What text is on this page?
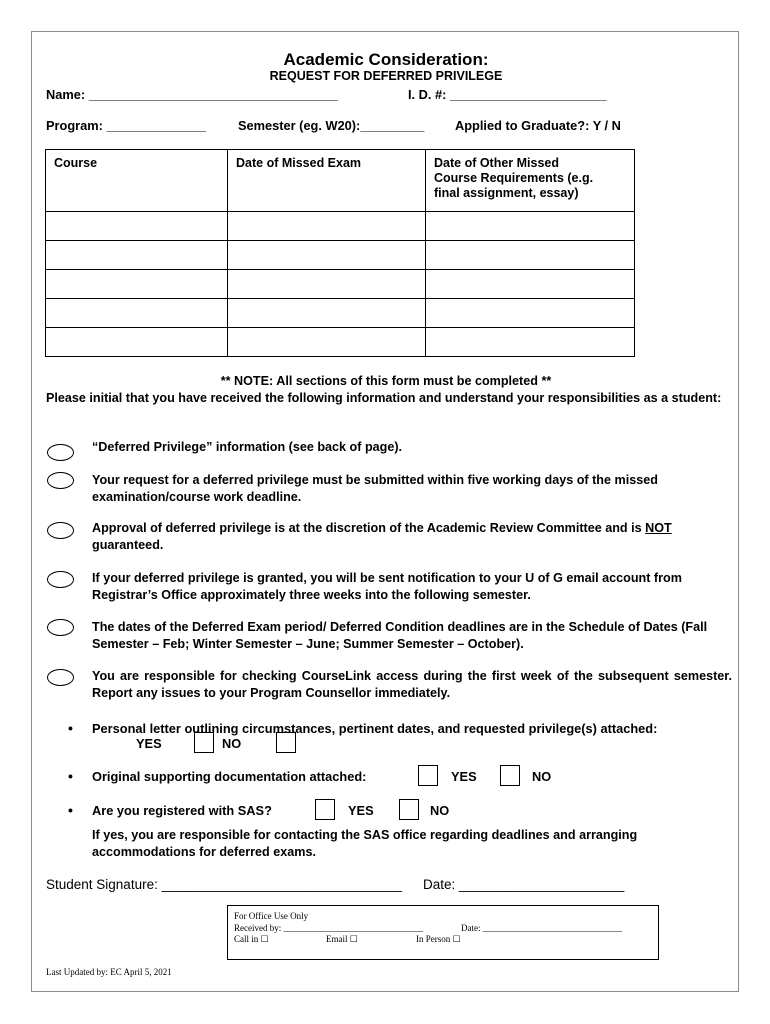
Academic Consideration:
REQUEST FOR DEFERRED PRIVILEGE
Name: ___________________________________	I. D. #: ______________________
Program: ______________ Semester (eg. W20):_________ Applied to Graduate?: Y / N
Course	Date of Missed Exam	Date of Other Missed Course Requirements (e.g. final assignment, essay)

** NOTE: All sections of this form must be completed **
Please initial that you have received the following information and understand your responsibilities as a student:
“Deferred Privilege” information (see back of page).
Your request for a deferred privilege must be submitted within five working days of the missed examination/course work deadline.
Approval of deferred privilege is at the discretion of the Academic Review Committee and is NOT guaranteed.
If your deferred privilege is granted, you will be sent notification to your U of G email account from Registrar’s Office approximately three weeks into the following semester.
The dates of the Deferred Exam period/ Deferred Condition deadlines are in the Schedule of Dates (Fall Semester – Feb; Winter Semester – June; Summer Semester – October).
You are responsible for checking CourseLink access during the first week of the subsequent semester. Report any issues to your Program Counsellor immediately.
• Personal letter outlining circumstances, pertinent dates, and requested privilege(s) attached:
YES	NO
• Original supporting documentation attached:	YES	NO
• Are you registered with SAS?	YES	NO
If yes, you are responsible for contacting the SAS office regarding deadlines and arranging accommodations for deferred exams.
Student Signature: ________________________________ Date: ______________________
For Office Use Only
Received by: _______________________________	Date: _______________________________
Call in ☐	Email ☐	In Person ☐
Last Updated by: EC April 5, 2021
